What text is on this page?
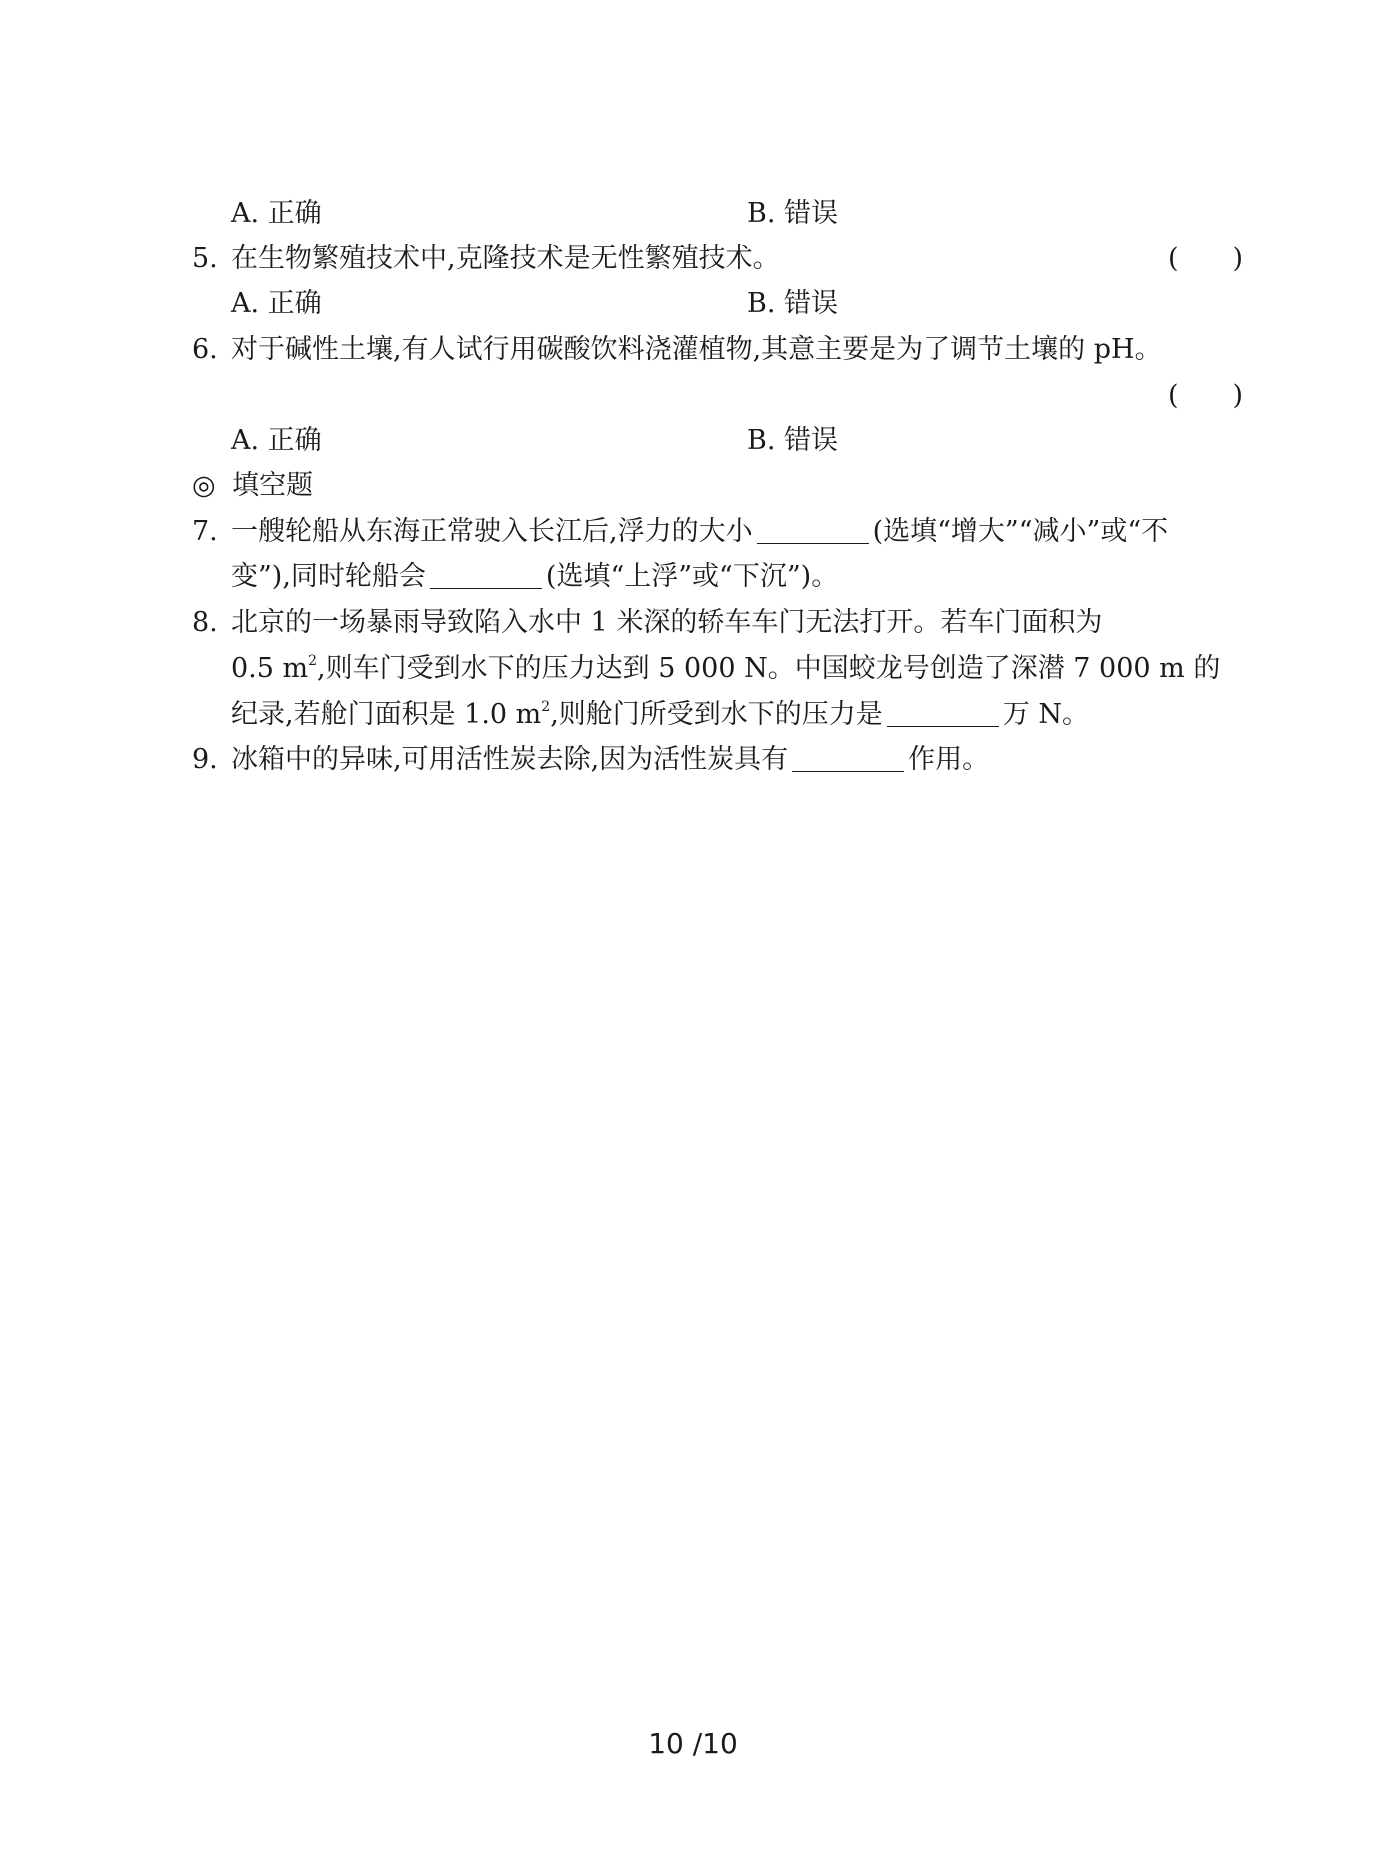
A. 正确	B. 错误
5. 在生物繁殖技术中,克隆技术是无性繁殖技术。	(　　)
A. 正确	B. 错误
6. 对于碱性土壤,有人试行用碳酸饮料浇灌植物,其意主要是为了调节土壤的 pH。
(　　)
A. 正确	B. 错误
◎ 填空题
7. 一艘轮船从东海正常驶入长江后,浮力的大小	(选填“增大”“减小”或“不
变”),同时轮船会	(选填“上浮”或“下沉”)。
8. 北京的一场暴雨导致陷入水中 1 米深的轿车车门无法打开。若车门面积为
0.5 $m^2$,则车门受到水下的压力达到 5 000 N。中国蛟龙号创造了深潜 7 000 m 的
纪录,若舱门面积是 1.0 $m^2$,则舱门所受到水下的压力是	万 N。
9. 冰箱中的异味,可用活性炭去除,因为活性炭具有	作用。
10 /10
